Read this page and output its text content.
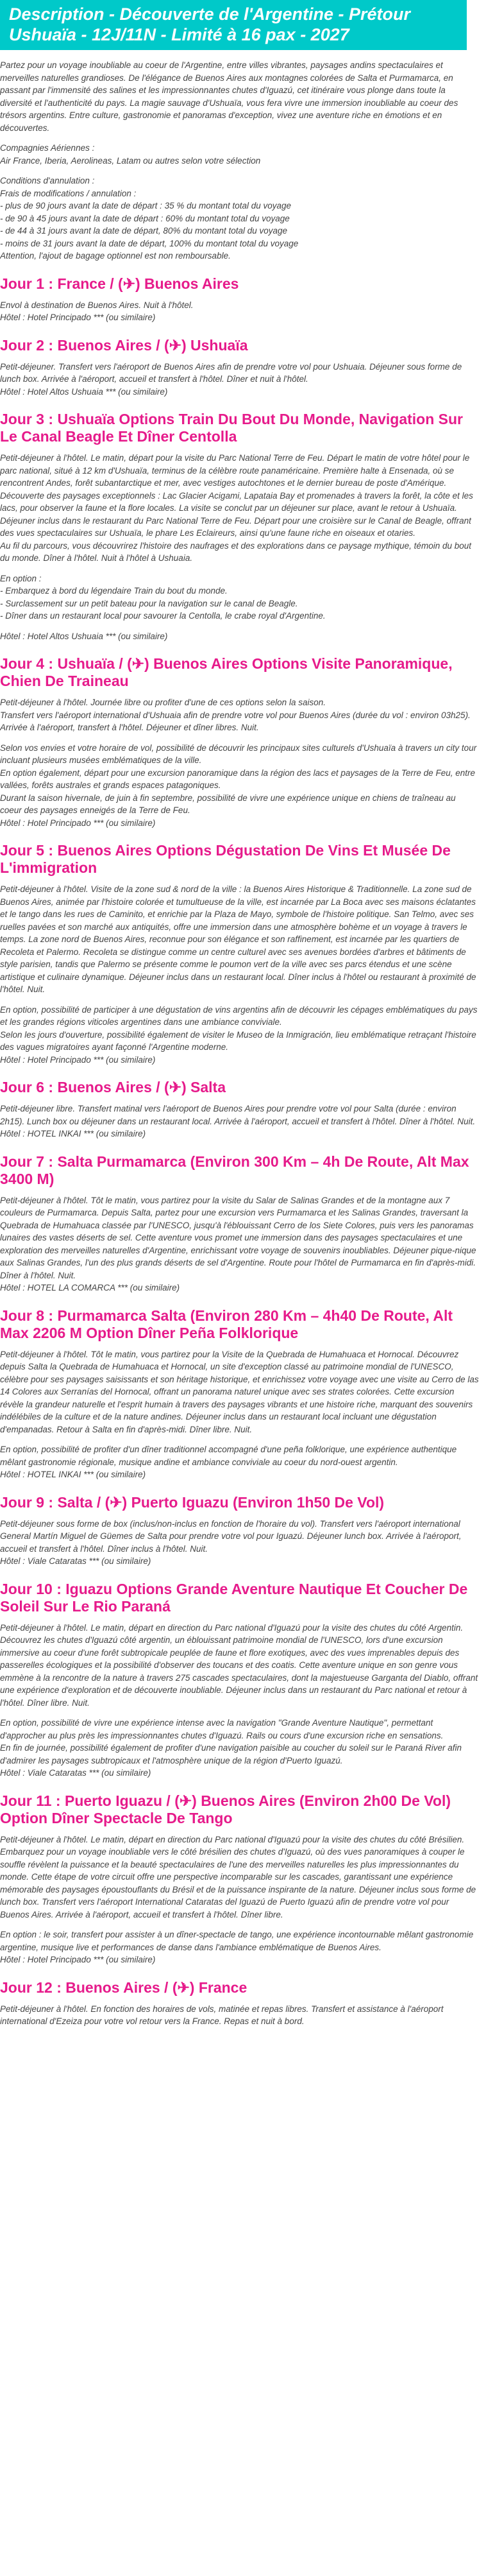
Description - Découverte de l'Argentine - Prétour Ushuaïa - 12J/11N - Limité à 16 pax - 2027

Partez pour un voyage inoubliable au coeur de l'Argentine, entre villes vibrantes, paysages andins spectaculaires et merveilles naturelles grandioses. De l'élégance de Buenos Aires aux montagnes colorées de Salta et Purmamarca, en passant par l'immensité des salines et les impressionnantes chutes d'Iguazú, cet itinéraire vous plonge dans toute la diversité et l'authenticité du pays. La magie sauvage d'Ushuaïa, vous fera vivre une immersion inoubliable au coeur des trésors argentins. Entre culture, gastronomie et panoramas d'exception, vivez une aventure riche en émotions et en découvertes.

Compagnies Aériennes :
Air France, Iberia, Aerolineas, Latam ou autres selon votre sélection

Conditions d'annulation :
Frais de modifications / annulation :
- plus de 90 jours avant la date de départ : 35 % du montant total du voyage
- de 90 à 45 jours avant la date de départ : 60% du montant total du voyage
- de 44 à 31 jours avant la date de départ, 80% du montant total du voyage
- moins de 31 jours avant la date de départ, 100% du montant total du voyage
Attention, l'ajout de bagage optionnel est non remboursable.

Jour 1 : France / (✈) Buenos Aires

Envol à destination de Buenos Aires. Nuit à l'hôtel.
Hôtel : Hotel Principado *** (ou similaire)

Jour 2 : Buenos Aires / (✈) Ushuaïa

Petit-déjeuner. Transfert vers l'aéroport de Buenos Aires afin de prendre votre vol pour Ushuaia. Déjeuner sous forme de lunch box. Arrivée à l'aéroport, accueil et transfert à l'hôtel. Dîner et nuit à l'hôtel.
Hôtel : Hotel Altos Ushuaia *** (ou similaire)

Jour 3 : Ushuaïa Options Train Du Bout Du Monde, Navigation Sur Le Canal Beagle Et Dîner Centolla

Petit-déjeuner à l'hôtel. Le matin, départ pour la visite du Parc National Terre de Feu. Départ le matin de votre hôtel pour le parc national, situé à 12 km d'Ushuaïa, terminus de la célèbre route panaméricaine. Première halte à Ensenada, où se rencontrent Andes, forêt subantarctique et mer, avec vestiges autochtones et le dernier bureau de poste d'Amérique. Découverte des paysages exceptionnels : Lac Glacier Acigami, Lapataia Bay et promenades à travers la forêt, la côte et les lacs, pour observer la faune et la flore locales. La visite se conclut par un déjeuner sur place, avant le retour à Ushuaïa. Déjeuner inclus dans le restaurant du Parc National Terre de Feu. Départ pour une croisière sur le Canal de Beagle, offrant des vues spectaculaires sur Ushuaïa, le phare Les Eclaireurs, ainsi qu'une faune riche en oiseaux et otaries.
Au fil du parcours, vous découvrirez l'histoire des naufrages et des explorations dans ce paysage mythique, témoin du bout du monde. Dîner à l'hôtel. Nuit à l'hôtel à Ushuaia.

En option :
- Embarquez à bord du légendaire Train du bout du monde.
- Surclassement sur un petit bateau pour la navigation sur le canal de Beagle.
- Dîner dans un restaurant local pour savourer la Centolla, le crabe royal d'Argentine.

Hôtel : Hotel Altos Ushuaia *** (ou similaire)

Jour 4 : Ushuaïa / (✈) Buenos Aires Options Visite Panoramique, Chien De Traineau

Petit-déjeuner à l'hôtel. Journée libre ou profiter d'une de ces options selon la saison.
Transfert vers l'aéroport international d'Ushuaia afin de prendre votre vol pour Buenos Aires (durée du vol : environ 03h25). Arrivée à l'aéroport, transfert à l'hôtel. Déjeuner et dîner libres. Nuit.

Selon vos envies et votre horaire de vol, possibilité de découvrir les principaux sites culturels d'Ushuaïa à travers un city tour incluant plusieurs musées emblématiques de la ville.
En option également, départ pour une excursion panoramique dans la région des lacs et paysages de la Terre de Feu, entre vallées, forêts australes et grands espaces patagoniques.
Durant la saison hivernale, de juin à fin septembre, possibilité de vivre une expérience unique en chiens de traîneau au coeur des paysages enneigés de la Terre de Feu.
Hôtel : Hotel Principado *** (ou similaire)

Jour 5 : Buenos Aires Options Dégustation De Vins Et Musée De L'immigration

Petit-déjeuner à l'hôtel. Visite de la zone sud & nord de la ville : la Buenos Aires Historique & Traditionnelle. La zone sud de Buenos Aires, animée par l'histoire colorée et tumultueuse de la ville, est incarnée par La Boca avec ses maisons éclatantes et le tango dans les rues de Caminito, et enrichie par la Plaza de Mayo, symbole de l'histoire politique. San Telmo, avec ses ruelles pavées et son marché aux antiquités, offre une immersion dans une atmosphère bohème et un voyage à travers le temps. La zone nord de Buenos Aires, reconnue pour son élégance et son raffinement, est incarnée par les quartiers de Recoleta et Palermo. Recoleta se distingue comme un centre culturel avec ses avenues bordées d'arbres et bâtiments de style parisien, tandis que Palermo se présente comme le poumon vert de la ville avec ses parcs étendus et une scène artistique et culinaire dynamique. Déjeuner inclus dans un restaurant local. Dîner inclus à l'hôtel ou restaurant à proximité de l'hôtel. Nuit.

En option, possibilité de participer à une dégustation de vins argentins afin de découvrir les cépages emblématiques du pays et les grandes régions viticoles argentines dans une ambiance conviviale.
Selon les jours d'ouverture, possibilité également de visiter le Museo de la Inmigración, lieu emblématique retraçant l'histoire des vagues migratoires ayant façonné l'Argentine moderne.
Hôtel : Hotel Principado *** (ou similaire)

Jour 6 : Buenos Aires / (✈) Salta

Petit-déjeuner libre. Transfert matinal vers l'aéroport de Buenos Aires pour prendre votre vol pour Salta (durée : environ 2h15). Lunch box ou déjeuner dans un restaurant local. Arrivée à l'aéroport, accueil et transfert à l'hôtel. Dîner à l'hôtel. Nuit.
Hôtel : HOTEL INKAI *** (ou similaire)

Jour 7 : Salta Purmamarca (Environ 300 Km – 4h De Route, Alt Max 3400 M)

Petit-déjeuner à l'hôtel. Tôt le matin, vous partirez pour la visite du Salar de Salinas Grandes et de la montagne aux 7 couleurs de Purmamarca. Depuis Salta, partez pour une excursion vers Purmamarca et les Salinas Grandes, traversant la Quebrada de Humahuaca classée par l'UNESCO, jusqu'à l'éblouissant Cerro de los Siete Colores, puis vers les panoramas lunaires des vastes déserts de sel. Cette aventure vous promet une immersion dans des paysages spectaculaires et une exploration des merveilles naturelles d'Argentine, enrichissant votre voyage de souvenirs inoubliables. Déjeuner pique-nique aux Salinas Grandes, l'un des plus grands déserts de sel d'Argentine. Route pour l'hôtel de Purmamarca en fin d'après-midi. Dîner à l'hôtel. Nuit.
Hôtel : HOTEL LA COMARCA *** (ou similaire)

Jour 8 : Purmamarca Salta (Environ 280 Km – 4h40 De Route, Alt Max 2206 M Option Dîner Peña Folklorique

Petit-déjeuner à l'hôtel. Tôt le matin, vous partirez pour la Visite de la Quebrada de Humahuaca et Hornocal. Découvrez depuis Salta la Quebrada de Humahuaca et Hornocal, un site d'exception classé au patrimoine mondial de l'UNESCO, célèbre pour ses paysages saisissants et son héritage historique, et enrichissez votre voyage avec une visite au Cerro de las 14 Colores aux Serranías del Hornocal, offrant un panorama naturel unique avec ses strates colorées. Cette excursion révèle la grandeur naturelle et l'esprit humain à travers des paysages vibrants et une histoire riche, marquant des souvenirs indélébiles de la culture et de la nature andines. Déjeuner inclus dans un restaurant local incluant une dégustation d'empanadas. Retour à Salta en fin d'après-midi. Dîner libre. Nuit.

En option, possibilité de profiter d'un dîner traditionnel accompagné d'une peña folklorique, une expérience authentique mêlant gastronomie régionale, musique andine et ambiance conviviale au coeur du nord-ouest argentin.
Hôtel : HOTEL INKAI *** (ou similaire)

Jour 9 : Salta / (✈) Puerto Iguazu (Environ 1h50 De Vol)

Petit-déjeuner sous forme de box (inclus/non-inclus en fonction de l'horaire du vol). Transfert vers l'aéroport international General Martín Miguel de Güemes de Salta pour prendre votre vol pour Iguazú. Déjeuner lunch box. Arrivée à l'aéroport, accueil et transfert à l'hôtel. Dîner inclus à l'hôtel. Nuit.
Hôtel : Viale Cataratas *** (ou similaire)

Jour 10 : Iguazu Options Grande Aventure Nautique Et Coucher De Soleil Sur Le Rio Paraná

Petit-déjeuner à l'hôtel. Le matin, départ en direction du Parc national d'Iguazú pour la visite des chutes du côté Argentin. Découvrez les chutes d'Iguazú côté argentin, un éblouissant patrimoine mondial de l'UNESCO, lors d'une excursion immersive au coeur d'une forêt subtropicale peuplée de faune et flore exotiques, avec des vues imprenables depuis des passerelles écologiques et la possibilité d'observer des toucans et des coatis. Cette aventure unique en son genre vous emmène à la rencontre de la nature à travers 275 cascades spectaculaires, dont la majestueuse Garganta del Diablo, offrant une expérience d'exploration et de découverte inoubliable. Déjeuner inclus dans un restaurant du Parc national et retour à l'hôtel. Dîner libre. Nuit.

En option, possibilité de vivre une expérience intense avec la navigation "Grande Aventure Nautique", permettant d'approcher au plus près les impressionnantes chutes d'Iguazú. Rails ou cours d'une excursion riche en sensations.
En fin de journée, possibilité également de profiter d'une navigation paisible au coucher du soleil sur le Paraná River afin d'admirer les paysages subtropicaux et l'atmosphère unique de la région d'Puerto Iguazú.
Hôtel : Viale Cataratas *** (ou similaire)

Jour 11 : Puerto Iguazu / (✈) Buenos Aires (Environ 2h00 De Vol) Option Dîner Spectacle De Tango

Petit-déjeuner à l'hôtel. Le matin, départ en direction du Parc national d'Iguazú pour la visite des chutes du côté Brésilien. Embarquez pour un voyage inoubliable vers le côté brésilien des chutes d'Iguazú, où des vues panoramiques à couper le souffle révèlent la puissance et la beauté spectaculaires de l'une des merveilles naturelles les plus impressionnantes du monde. Cette étape de votre circuit offre une perspective incomparable sur les cascades, garantissant une expérience mémorable des paysages époustouflants du Brésil et de la puissance inspirante de la nature. Déjeuner inclus sous forme de lunch box. Transfert vers l'aéroport International Cataratas del Iguazú de Puerto Iguazú afin de prendre votre vol pour Buenos Aires. Arrivée à l'aéroport, accueil et transfert à l'hôtel. Dîner libre.

En option : le soir, transfert pour assister à un dîner-spectacle de tango, une expérience incontournable mêlant gastronomie argentine, musique live et performances de danse dans l'ambiance emblématique de Buenos Aires.
Hôtel : Hotel Principado *** (ou similaire)

Jour 12 : Buenos Aires / (✈) France

Petit-déjeuner à l'hôtel. En fonction des horaires de vols, matinée et repas libres. Transfert et assistance à l'aéroport international d'Ezeiza pour votre vol retour vers la France. Repas et nuit à bord.
